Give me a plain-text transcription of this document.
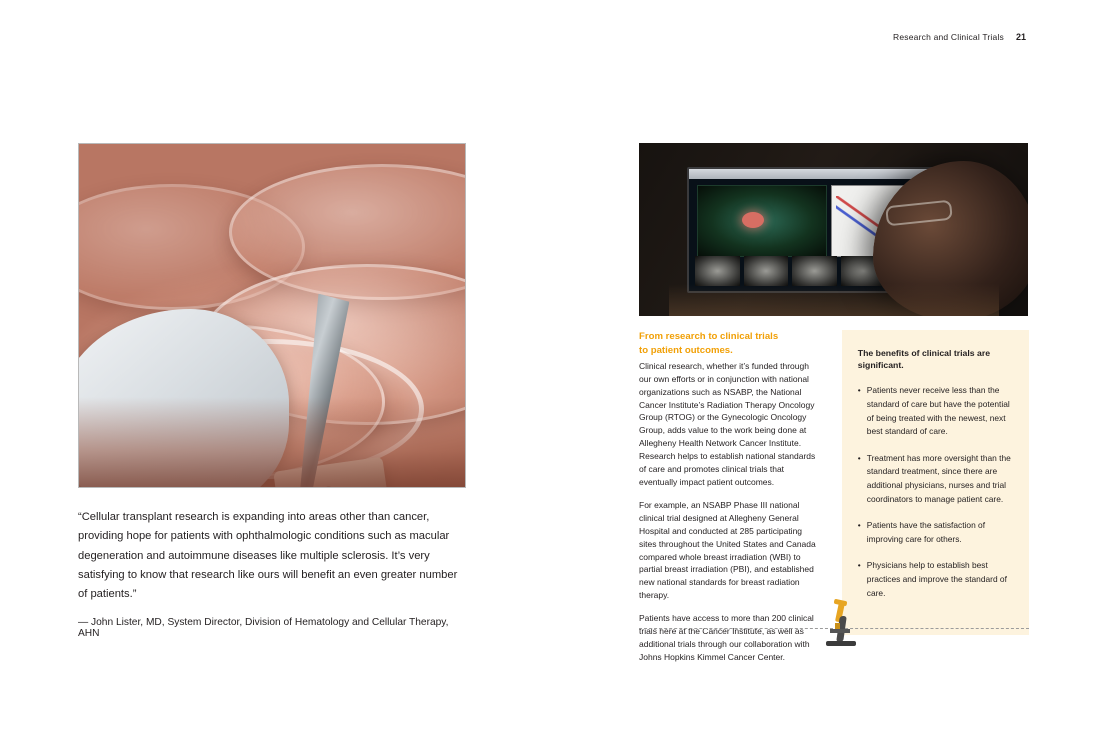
Research and Clinical Trials 21
“Cellular transplant research is expanding into areas other than cancer, providing hope for patients with ophthalmologic conditions such as macular degeneration and autoimmune diseases like multiple sclerosis. It’s very satisfying to know that research like ours will benefit an even greater number of patients.”
— John Lister, MD, System Director, Division of Hematology and Cellular Therapy, AHN
From research to clinical trials
to patient outcomes.

Clinical research, whether it’s funded through our own efforts or in conjunction with national organizations such as NSABP, the National Cancer Institute’s Radiation Therapy Oncology Group (RTOG) or the Gynecologic Oncology Group, adds value to the work being done at Allegheny Health Network Cancer Institute. Research helps to establish national standards of care and promotes clinical trials that eventually impact patient outcomes.

For example, an NSABP Phase III national clinical trial designed at Allegheny General Hospital and conducted at 285 participating sites throughout the United States and Canada compared whole breast irradiation (WBI) to partial breast irradiation (PBI), and established new national standards for breast radiation therapy.

Patients have access to more than 200 clinical trials here at the Cancer Institute, as well as additional trials through our collaboration with Johns Hopkins Kimmel Cancer Center.

The benefits of clinical trials are significant.
• Patients never receive less than the standard of care but have the potential of being treated with the newest, next best standard of care.
• Treatment has more oversight than the standard treatment, since there are additional physicians, nurses and trial coordinators to manage patient care.
• Patients have the satisfaction of improving care for others.
• Physicians help to establish best practices and improve the standard of care.
